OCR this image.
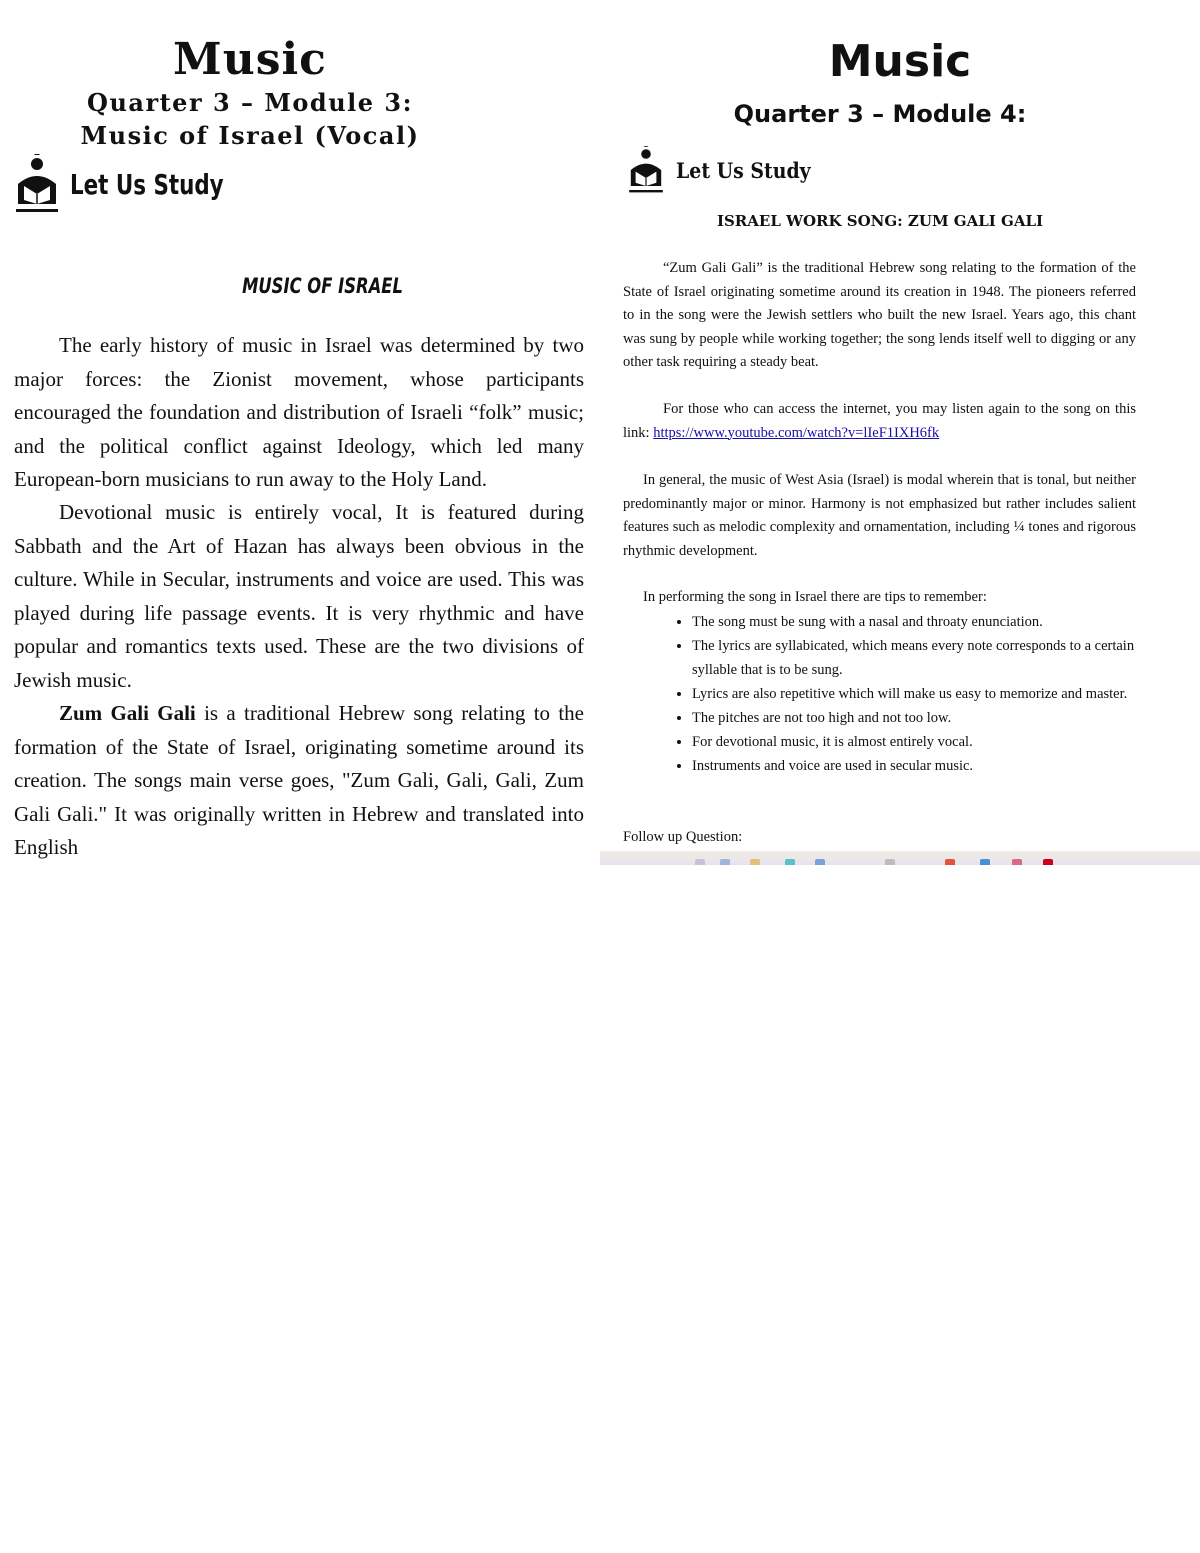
Music
Quarter 3 – Module 3:
Music of Israel (Vocal)
Let Us Study
MUSIC OF ISRAEL

The early history of music in Israel was determined by two major forces: the Zionist movement, whose participants encouraged the foundation and distribution of Israeli “folk” music; and the political conflict against Ideology, which led many European-born musicians to run away to the Holy Land.

Devotional music is entirely vocal, It is featured during Sabbath and the Art of Hazan has always been obvious in the culture. While in Secular, instruments and voice are used. This was played during life passage events. It is very rhythmic and have popular and romantics texts used. These are the two divisions of Jewish music.

Zum Gali Gali is a traditional Hebrew song relating to the formation of the State of Israel, originating sometime around its creation. The songs main verse goes, "Zum Gali, Gali, Gali, Zum Gali Gali." It was originally written in Hebrew and translated into English

Music
Quarter 3 – Module 4:
Let Us Study
ISRAEL WORK SONG: ZUM GALI GALI

“Zum Gali Gali” is the traditional Hebrew song relating to the formation of the State of Israel originating sometime around its creation in 1948. The pioneers referred to in the song were the Jewish settlers who built the new Israel. Years ago, this chant was sung by people while working together; the song lends itself well to digging or any other task requiring a steady beat.

For those who can access the internet, you may listen again to the song on this link: https://www.youtube.com/watch?v=lIeF1IXH6fk

In general, the music of West Asia (Israel) is modal wherein that is tonal, but neither predominantly major or minor. Harmony is not emphasized but rather includes salient features such as melodic complexity and ornamentation, including ¼ tones and rigorous rhythmic development.

In performing the song in Israel there are tips to remember:

• The song must be sung with a nasal and throaty enunciation.
• The lyrics are syllabicated, which means every note corresponds to a certain syllable that is to be sung.
• Lyrics are also repetitive which will make us easy to memorize and master.
• The pitches are not too high and not too low.
• For devotional music, it is almost entirely vocal.
• Instruments and voice are used in secular music.

Follow up Question:
